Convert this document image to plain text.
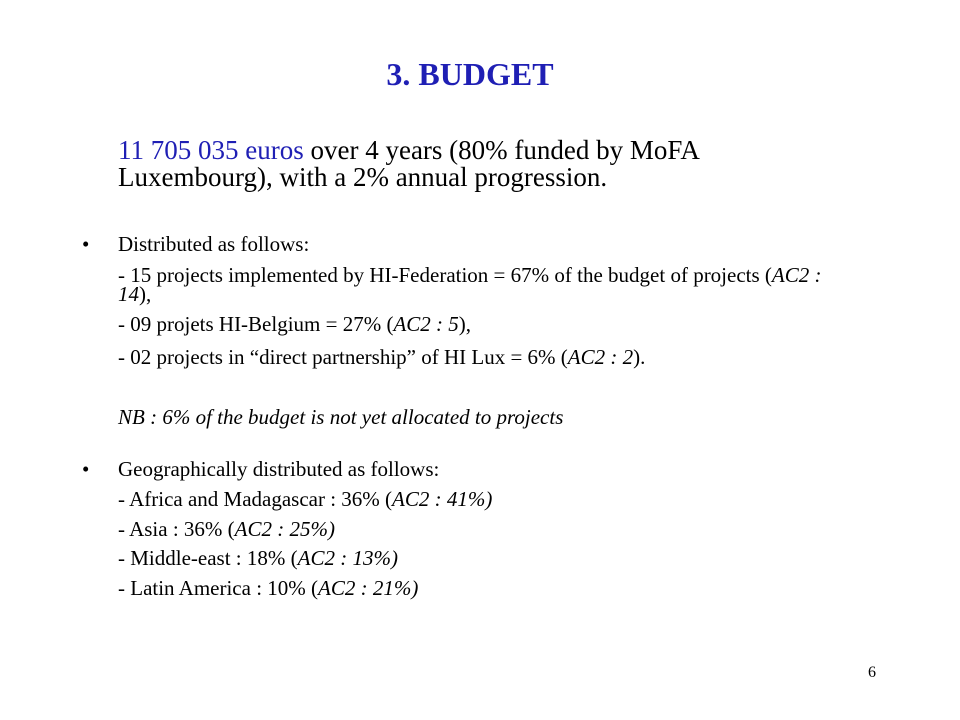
3. BUDGET
11 705 035 euros over 4 years (80% funded by MoFA
Luxembourg), with a 2% annual progression.
• Distributed as follows:
- 15 projects implemented by HI-Federation = 67% of the budget of projects (AC2 : 14),
- 09 projets HI-Belgium = 27% (AC2 : 5),
- 02 projects in “direct partnership” of HI Lux = 6% (AC2 : 2).
NB : 6% of the budget is not yet allocated to projects
• Geographically distributed as follows:
- Africa and Madagascar : 36% (AC2 : 41%)
- Asia : 36% (AC2 : 25%)
- Middle-east : 18% (AC2 : 13%)
- Latin America : 10% (AC2 : 21%)
6
